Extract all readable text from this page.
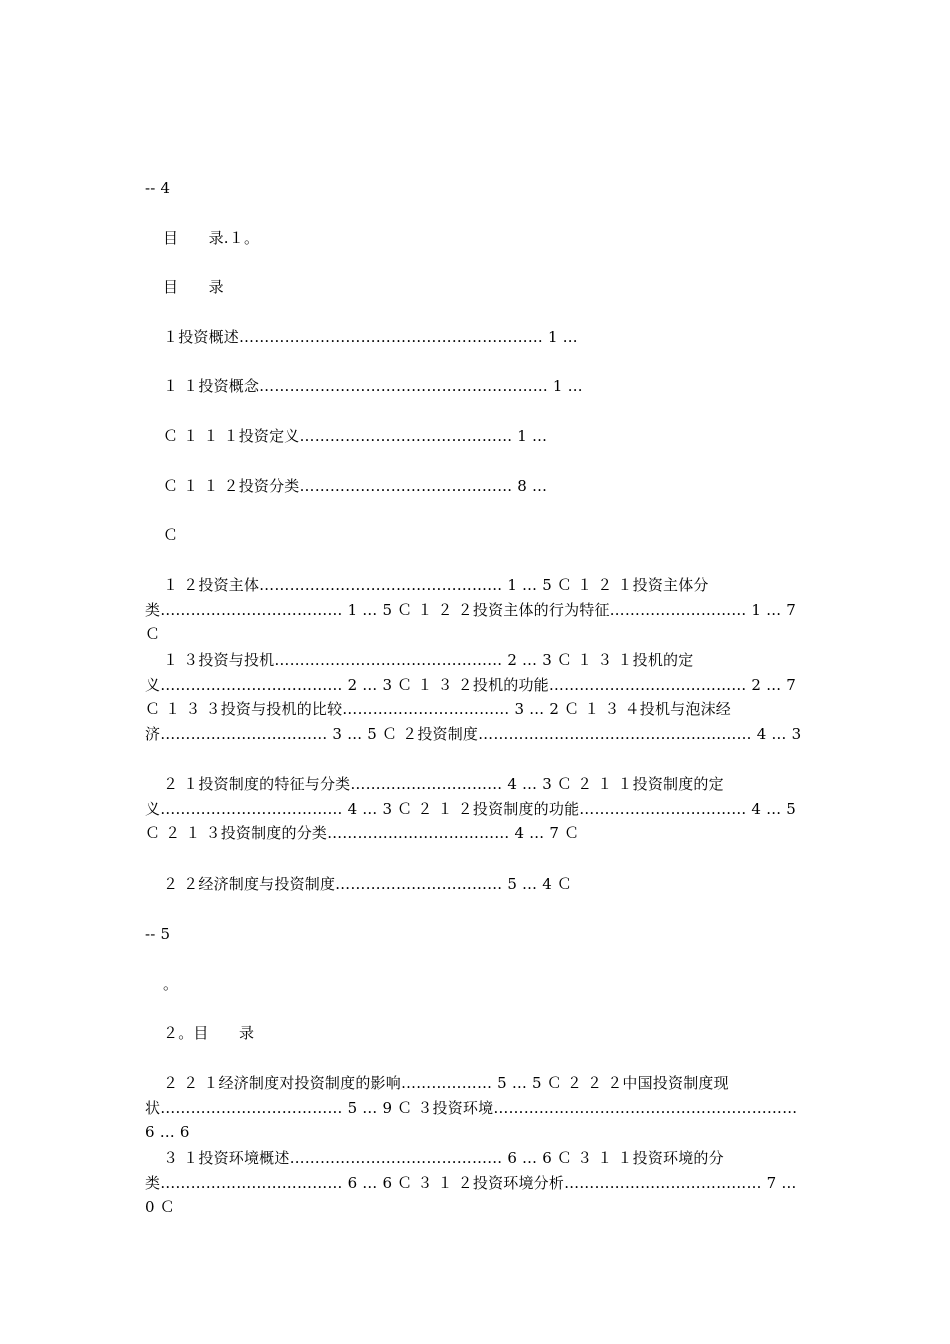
-- 4
目　　录.１。
目　　录
１投资概述…………………………………………………… 1 …
１ １投资概念………………………………………………… 1 …
Ｃ １ １ １投资定义…………………………………… 1 …
Ｃ １ １ ２投资分类…………………………………… 8 …
Ｃ
１ ２投资主体………………………………………… 1 … 5 Ｃ １ ２ １投资主体分类……………………………… 1 … 5 Ｃ １ ２ ２投资主体的行为特征……………………… 1 … 7 Ｃ
１ ３投资与投机……………………………………… 2 … 3 Ｃ １ ３ １投机的定义……………………………… 2 … 3 Ｃ １ ３ ２投机的功能………………………………… 2 … 7 Ｃ １ ３ ３投资与投机的比较…………………………… 3 … 2 Ｃ １ ３ ４投机与泡沫经济…………………………… 3 … 5 Ｃ ２投资制度……………………………………………… 4 … 3
２ １投资制度的特征与分类………………………… 4 … 3 Ｃ ２ １ １投资制度的定义……………………………… 4 … 3 Ｃ ２ １ ２投资制度的功能…………………………… 4 … 5 Ｃ ２ １ ３投资制度的分类……………………………… 4 … 7 Ｃ
２ ２经济制度与投资制度…………………………… 5 … 4 Ｃ
-- 5
。
２。目　　录
２ ２ １经济制度对投资制度的影响……………… 5 … 5 Ｃ ２ ２ ２中国投资制度现状……………………………… 5 … 9 Ｃ ３投资环境…………………………………………………… 6 … 6
３ １投资环境概述…………………………………… 6 … 6 Ｃ ３ １ １投资环境的分类……………………………… 6 … 6 Ｃ ３ １ ２投资环境分析………………………………… 7 … 0 Ｃ
